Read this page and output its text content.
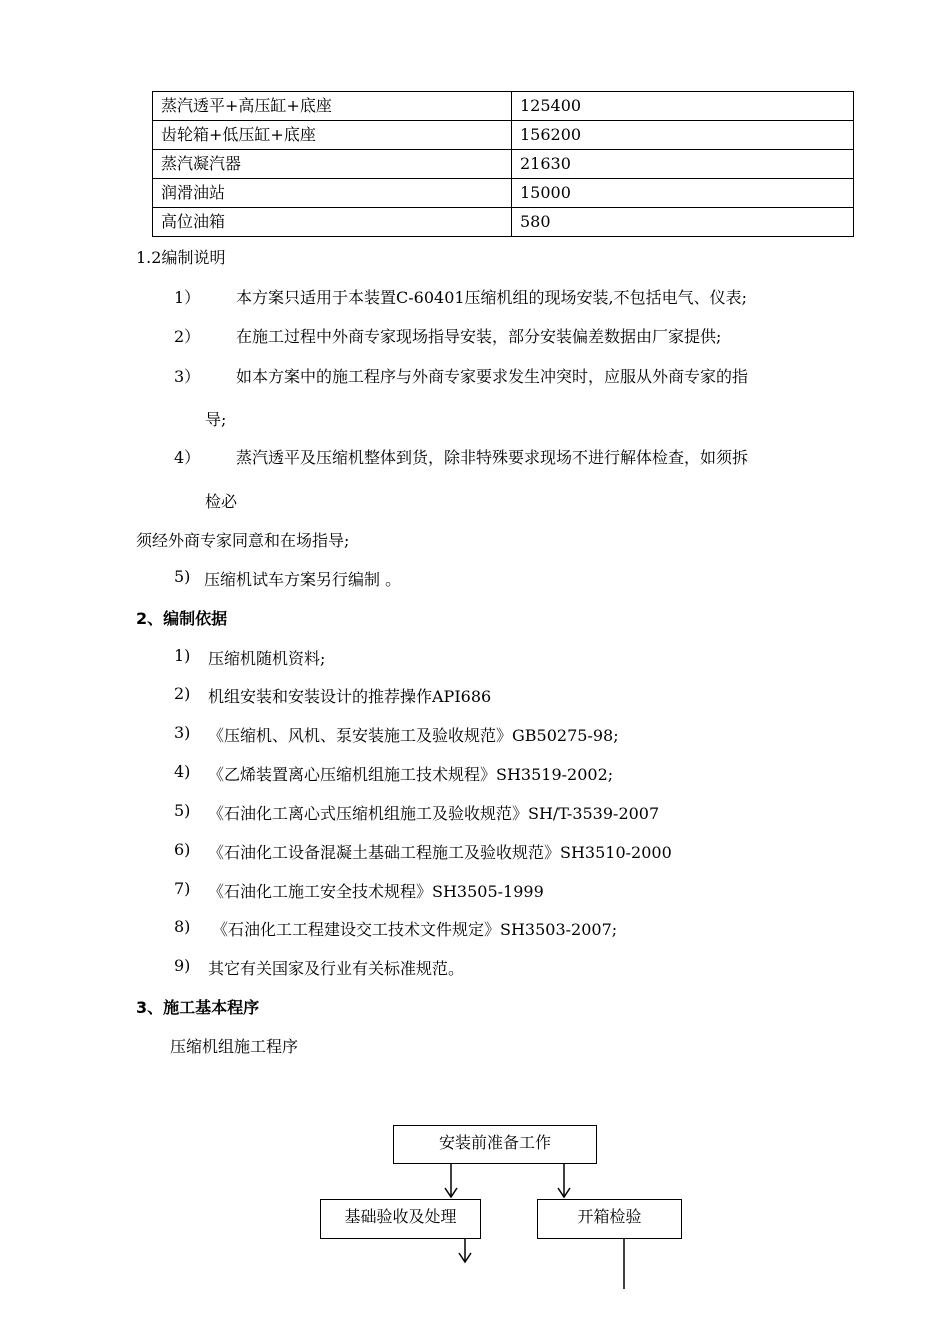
蒸汽透平+高压缸+底座	125400
齿轮箱+低压缸+底座	156200
蒸汽凝汽器	21630
润滑油站	15000
高位油箱	580
1.2编制说明
1） 本方案只适用于本装置C-60401压缩机组的现场安装,不包括电气、仪表;
2） 在施工过程中外商专家现场指导安装，部分安装偏差数据由厂家提供;
3） 如本方案中的施工程序与外商专家要求发生冲突时，应服从外商专家的指
导;
4） 蒸汽透平及压缩机整体到货，除非特殊要求现场不进行解体检查，如须拆
检必
须经外商专家同意和在场指导;
5) 压缩机试车方案另行编制 。
2、编制依据
1) 压缩机随机资料;
2) 机组安装和安装设计的推荐操作API686
3) 《压缩机、风机、泵安装施工及验收规范》GB50275-98;
4) 《乙烯装置离心压缩机组施工技术规程》SH3519-2002;
5) 《石油化工离心式压缩机组施工及验收规范》SH/T-3539-2007
6) 《石油化工设备混凝土基础工程施工及验收规范》SH3510-2000
7) 《石油化工施工安全技术规程》SH3505-1999
8) 《石油化工工程建设交工技术文件规定》SH3503-2007;
9) 其它有关国家及行业有关标准规范。
3、施工基本程序
压缩机组施工程序
安装前准备工作
基础验收及处理	开箱检验
